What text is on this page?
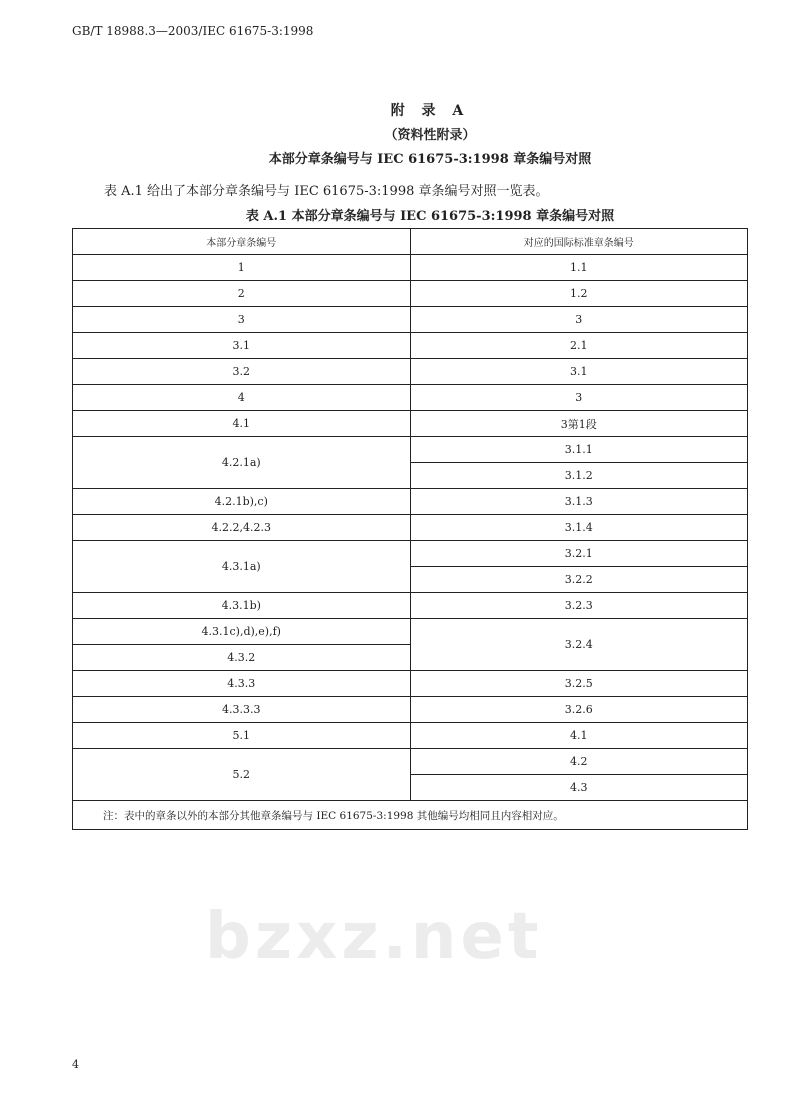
GB/T 18988.3—2003/IEC 61675-3:1998
bzxz.net
附 录 A
（资料性附录）
本部分章条编号与 IEC 61675-3:1998 章条编号对照
表 A.1 给出了本部分章条编号与 IEC 61675-3:1998 章条编号对照一览表。
表 A.1 本部分章条编号与 IEC 61675-3:1998 章条编号对照
本部分章条编号	对应的国际标准章条编号
1	1.1
2	1.2
3	3
3.1	2.1
3.2	3.1
4	3
4.1	3第1段
4.2.1a)	3.1.1
	3.1.2
4.2.1b),c)	3.1.3
4.2.2,4.2.3	3.1.4
4.3.1a)	3.2.1
	3.2.2
4.3.1b)	3.2.3
4.3.1c),d),e),f)	3.2.4
4.3.2	
4.3.3	3.2.5
4.3.3.3	3.2.6
5.1	4.1
5.2	4.2
	4.3
注：表中的章条以外的本部分其他章条编号与 IEC 61675-3:1998 其他编号均相同且内容相对应。	
4
